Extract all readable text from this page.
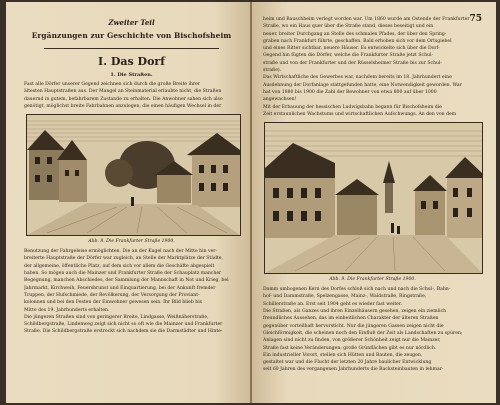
Zweiter Teil
Ergänzungen zur Geschichte von Bischofsheim
I. Das Dorf
1. Die Straßen.

Fast alle Dörfer unserer Gegend zeichnen sich durch die große Breite ihrer

ältesten Hauptstraßen aus. Der Mangel an Steinmaterial erlaubte nicht, die Straßen

dauernd in gutem, befahrbarem Zustande zu erhalten. Die Anwohner sahen sich also

genötigt, möglichst breite Fahrbahnen anzulegen, die einen häufigen Wechsel in der

Abb. 8. Die Frankfurter Straße 1900.

Benutzung der Fahrgeleise ermöglichten. Die an der Kugel nach der Mitte hin ver-

breiterte Hauptstraße der Dörfer war zugleich, an Stelle der Marktplätze der Städte,

der allgemeine, öffentliche Platz, auf dem sich vor allem die Geschäfte abgespielt

haben. So mögen auch die Mainzer und Frankfurter Straße der Schauplatz mancher

Begegnung, manchen Abschiedes, der Sammlung der Mannschaft in Not und Krieg, bei

Jahrmarkt, Kirchweih, Feuersbrunst und Einquartierung, bei der Ankunft fremder

Truppen, der Hufschmiede, der Bevölkerung, der Versorgung der Proviant-

kolonnen und bei den Festen der Einwohner gewesen sein. Ihr Bild blieb bis

Mitte des 19. Jahrhunderts erhalten.

Die jüngeren Straßen sind von geringerer Breite, Lindgasse, Weißnäherstraße,

Schildbergstraße, Lindenweg zeigt sich nicht so oft wie die Mainzer und Frankfurter

Straße. Die Schildbergstraße erstreckt sich nachdem sie die Darmstädter und Hinte-

75

heim und Bauschheim verlegt worden war. Um 1860 wurde am Ostende der Frankfurter

Straße, wo ein Haus quer über die Straße stand, dieses beseitigt und ein

neuer, breiter Durchgang an Stelle des schmalen Pfades, der über den Spring-

graben nach Frankfurt führte, geschaffen. Bald erhoben sich vor dem Ortsgiebel

und eines Ritter sichtbar, neuere Häuser. Es entwickelte sich über die Dorf-

Gegend hin fügten die Dörfer, welche die Frankfurter Straße jetzt Schul-

straße und von der Frankfurter und der Rüsselsheimer Straße bis zur Schul-

straße).

Das Wirtschaftliche des Gewerbes war, nachdem bereits im 18. Jahrhundert eine

Ausdehnung der Dorfanlage stattgefunden hatte, eine Notwendigkeit geworden. War

hat von 1880 bis 1900 die Zahl der Bewohner von etwa 800 auf über 1000

angewachsen!

Mit der Erbauung der hessischen Ludwigsbahn begann für Bischofsheim die

Zeit erstaunlichen Wachstums und wirtschaftlichen Aufschwungs. An den von dem

Abb. 9. Die Frankfurter Straße 1900.

Damm umbogenen Kern des Dorfes schloß sich nach und nach die Schul-, Bahn-

hof- und Dammstraße, Spelzengasse, Mainz-, Waldstraße, Ringstraße,

Schillerstraße an. Erst seit 1904 geht es wieder fast weiter.

Die Straßen, als Ganzes und ihren Einzelhäusern gesehen, zeigen ein ziemlich

freundliches Aussehen, das im einheitlichen Charakter der älteren Straßen

gegenüber vorteilhaft hervorsticht. Nur die jüngeren Gassen zeigen nicht die

Gleichförmigkeit, die scheinen noch den Einfluß der Zeit als Landschaften zu spüren;

Anlagen sind nicht zu finden, von größerer Schönheit zeigt nur die Mainzer,

Straße fast keine Veränderungen: große Grünflächen gibt es nur nördlich.

Ein industrieller Vorort, stellen sich Hütten und Bauten, die zeugen,

gestaltet war und die Flucht der letzten 20 Jahre baulicher Entwicklung

seit 60 Jahren des vergangenen Jahrhunderts die Backsteinbauten in lehmar-
